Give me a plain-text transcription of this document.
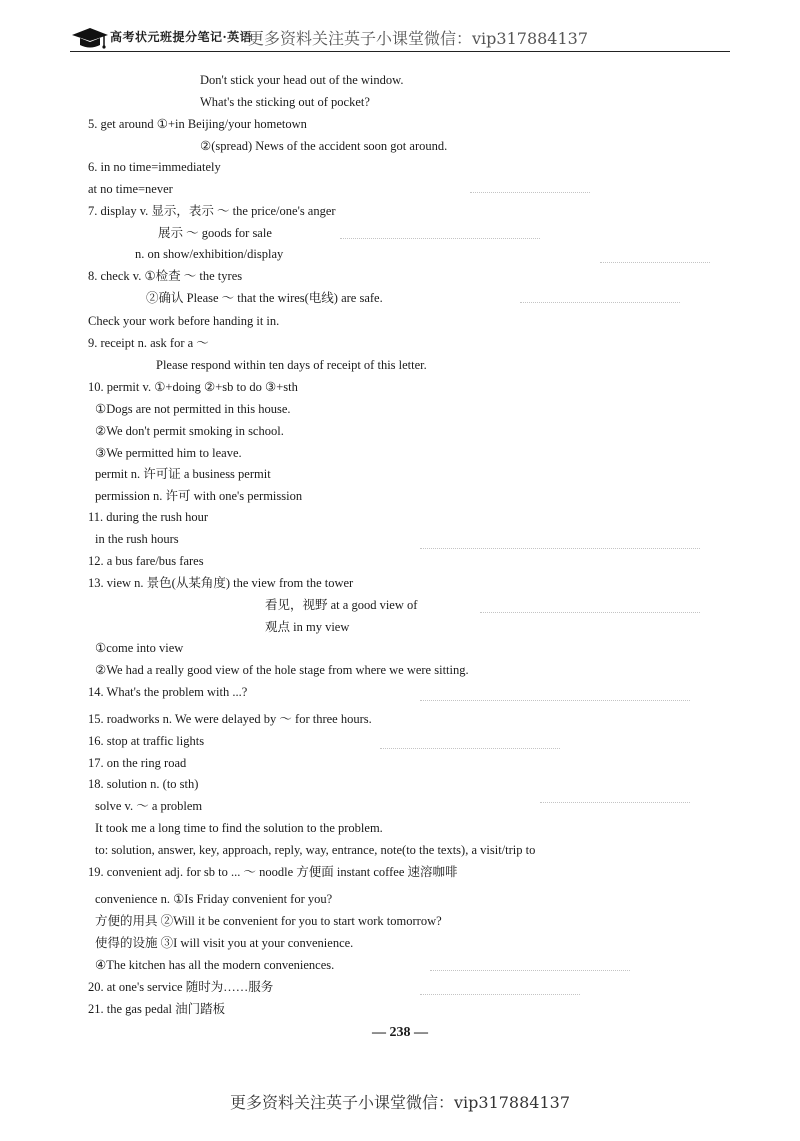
高考状元班提分笔记·英语
更多资料关注英子小课堂微信：vip317884137
Don't stick your head out of the window.
What's the sticking out of pocket?
5. get around ①+in Beijing/your hometown
②(spread) News of the accident soon got around.
6. in no time=immediately
at no time=never
7. display v. 显示，表示 ～ the price/one's anger
展示 ～ goods for sale
n. on show/exhibition/display
8. check v. ①检查 ～ the tyres
②确认 Please ～ that the wires(电线) are safe.
Check your work before handing it in.
9. receipt n. ask for a ～
Please respond within ten days of receipt of this letter.
10. permit v. ①+doing ②+sb to do ③+sth
①Dogs are not permitted in this house.
②We don't permit smoking in school.
③We permitted him to leave.
permit n. 许可证 a business permit
permission n. 许可 with one's permission
11. during the rush hour
in the rush hours
12. a bus fare/bus fares
13. view n. 景色(从某角度) the view from the tower
看见，视野 at a good view of
观点 in my view
①come into view
②We had a really good view of the hole stage from where we were sitting.
14. What's the problem with ...?
15. roadworks n. We were delayed by ～ for three hours.
16. stop at traffic lights
17. on the ring road
18. solution n. (to sth)
solve v. ～ a problem
It took me a long time to find the solution to the problem.
to: solution, answer, key, approach, reply, way, entrance, note(to the texts), a visit/trip to
19. convenient adj. for sb to ... ～ noodle 方便面 instant coffee 速溶咖啡
convenience n. ①Is Friday convenient for you?
方便的用具 ②Will it be convenient for you to start work tomorrow?
使得的设施 ③I will visit you at your convenience.
④The kitchen has all the modern conveniences.
20. at one's service 随时为……服务
21. the gas pedal 油门踏板
— 238 —
更多资料关注英子小课堂微信：vip317884137
